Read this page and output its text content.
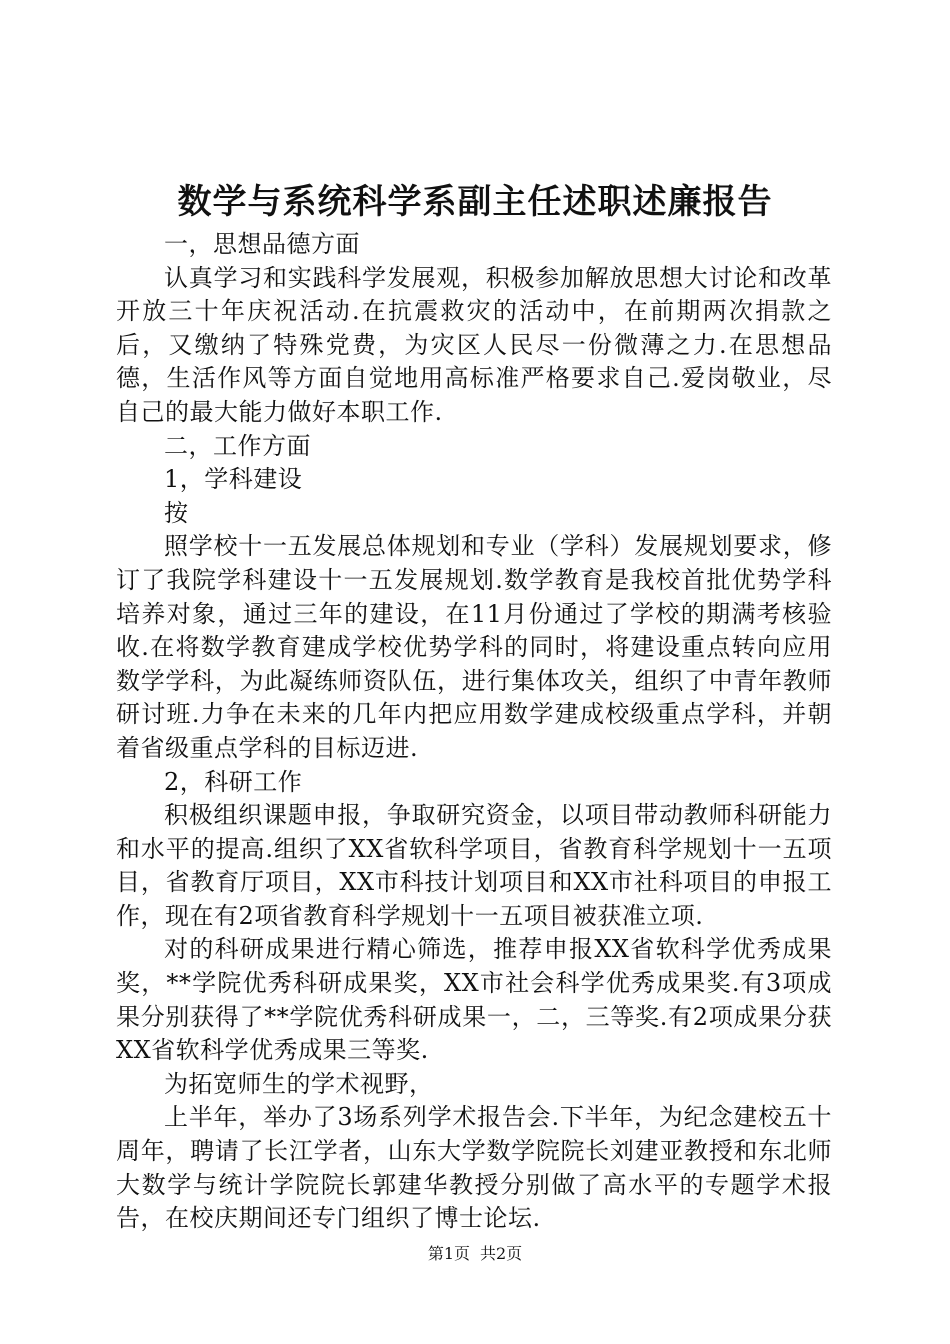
数学与系统科学系副主任述职述廉报告

一，思想品德方面

认真学习和实践科学发展观，积极参加解放思想大讨论和改革开放三十年庆祝活动.在抗震救灾的活动中，在前期两次捐款之后，又缴纳了特殊党费，为灾区人民尽一份微薄之力.在思想品德，生活作风等方面自觉地用高标准严格要求自己.爱岗敬业，尽自己的最大能力做好本职工作.

二，工作方面

1，学科建设

按

照学校十一五发展总体规划和专业（学科）发展规划要求，修订了我院学科建设十一五发展规划.数学教育是我校首批优势学科培养对象，通过三年的建设，在11月份通过了学校的期满考核验收.在将数学教育建成学校优势学科的同时，将建设重点转向应用数学学科，为此凝练师资队伍，进行集体攻关，组织了中青年教师研讨班.力争在未来的几年内把应用数学建成校级重点学科，并朝着省级重点学科的目标迈进.

2，科研工作

积极组织课题申报，争取研究资金，以项目带动教师科研能力和水平的提高.组织了XX省软科学项目，省教育科学规划十一五项目，省教育厅项目，XX市科技计划项目和XX市社科项目的申报工作，现在有2项省教育科学规划十一五项目被获准立项.

对的科研成果进行精心筛选，推荐申报XX省软科学优秀成果奖，**学院优秀科研成果奖，XX市社会科学优秀成果奖.有3项成果分别获得了**学院优秀科研成果一，二，三等奖.有2项成果分获XX省软科学优秀成果三等奖.

为拓宽师生的学术视野，

上半年，举办了3场系列学术报告会.下半年，为纪念建校五十周年，聘请了长江学者，山东大学数学院院长刘建亚教授和东北师大数学与统计学院院长郭建华教授分别做了高水平的专题学术报告，在校庆期间还专门组织了博士论坛.

第1页 共2页
